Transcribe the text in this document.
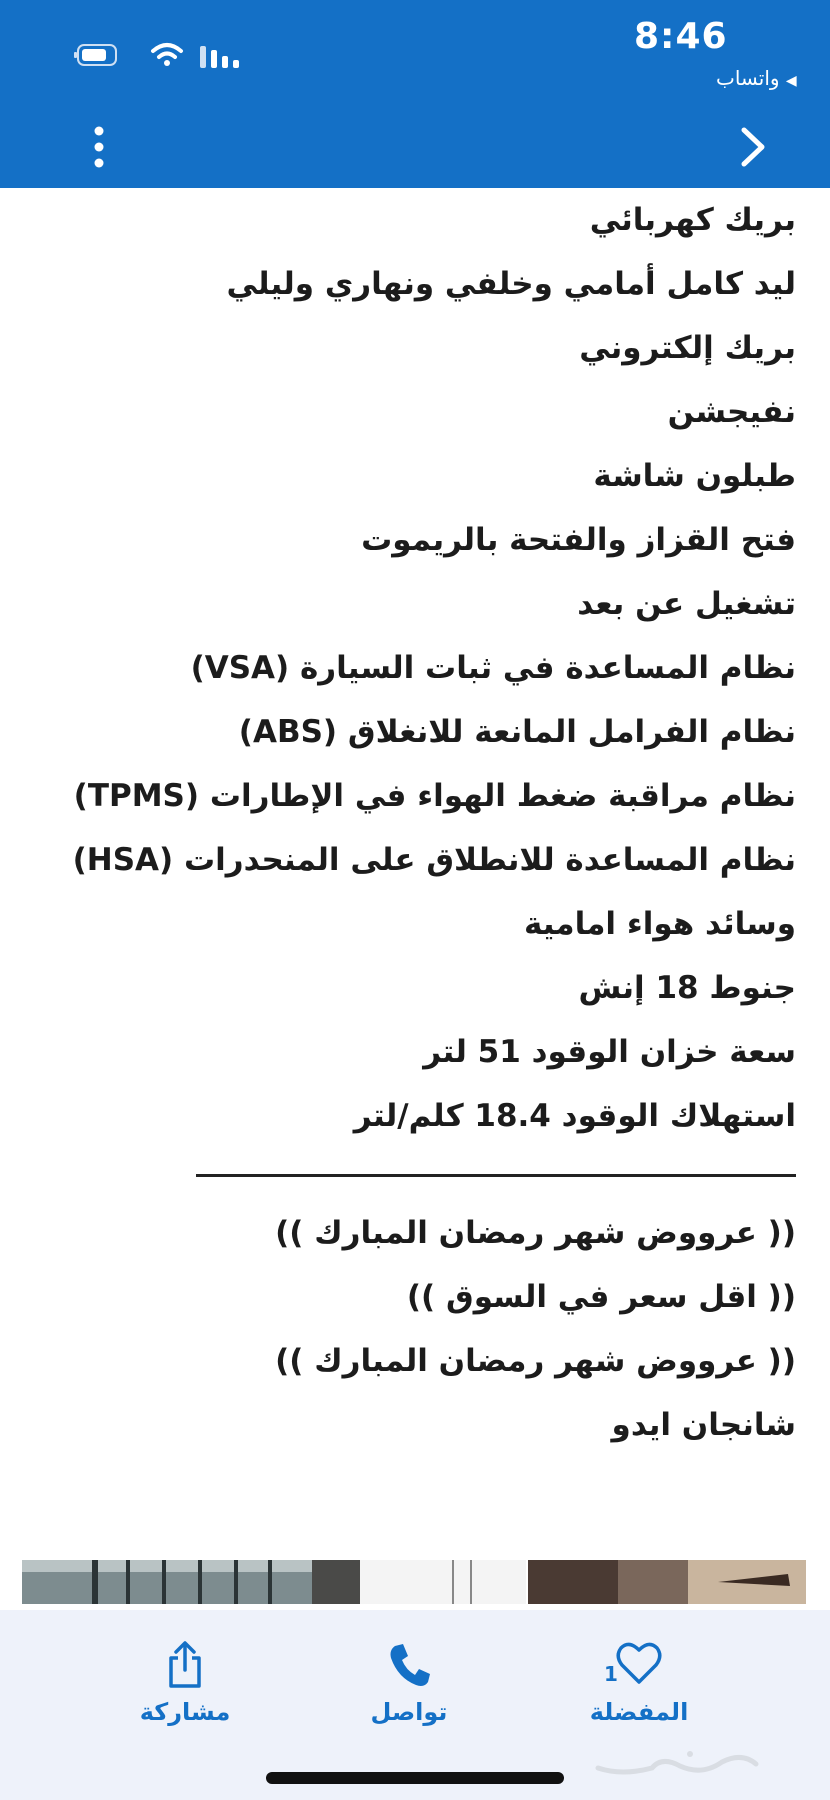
8:46
◀ واتساب
بريك كهربائي
ليد كامل أمامي وخلفي ونهاري وليلي
بريك إلكتروني
نفيجشن
طبلون شاشة
فتح القزاز والفتحة بالريموت
تشغيل عن بعد
نظام المساعدة في ثبات السيارة (VSA)
نظام الفرامل المانعة للانغلاق (ABS)
نظام مراقبة ضغط الهواء في الإطارات (TPMS)
نظام المساعدة للانطلاق على المنحدرات (HSA)
وسائد هواء امامية
جنوط 18 إنش
سعة خزان الوقود 51 لتر
استهلاك الوقود 18.4 كلم/لتر
(( عرووض شهر رمضان المبارك ))
(( اقل سعر في السوق ))
(( عرووض شهر رمضان المبارك ))
شانجان ايدو
مشاركة	تواصل
1
المفضلة
